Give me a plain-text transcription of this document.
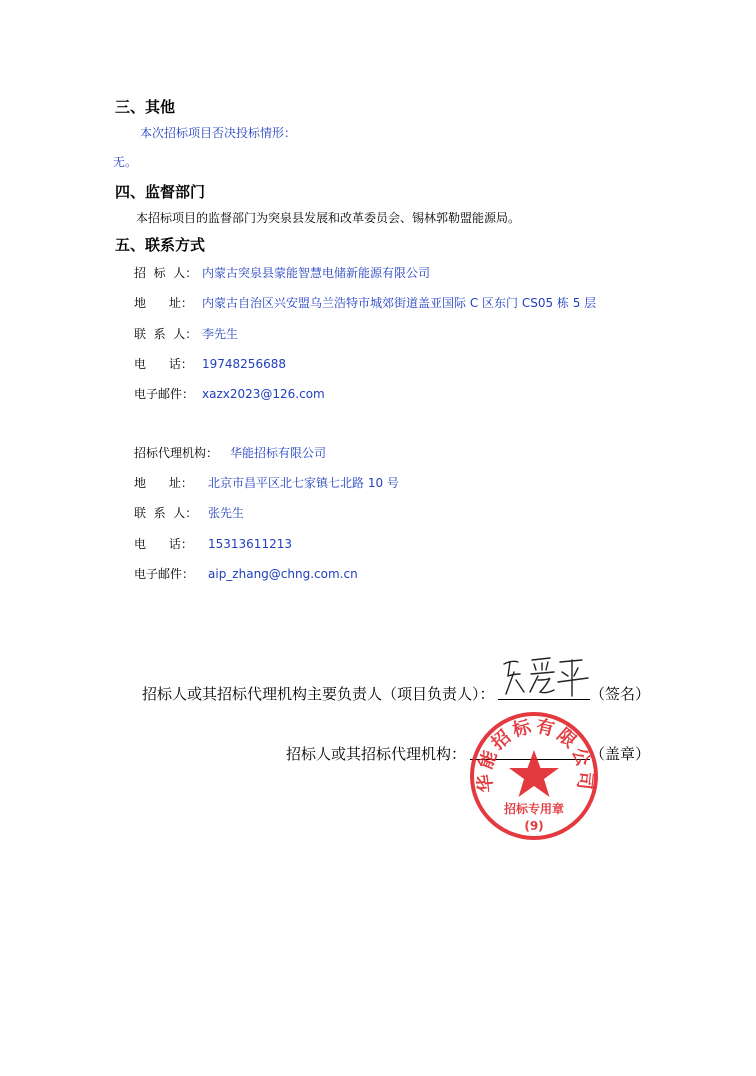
三、其他
本次招标项目否决投标情形：
无。
四、监督部门
本招标项目的监督部门为突泉县发展和改革委员会、锡林郭勒盟能源局。
五、联系方式
招  标  人： 内蒙古突泉县蒙能智慧电储新能源有限公司
地      址： 内蒙古自治区兴安盟乌兰浩特市城郊街道盖亚国际 C 区东门 CS05 栋 5 层
联  系  人： 李先生
电      话： 19748256688
电子邮件： xazx2023@126.com
招标代理机构： 华能招标有限公司
地      址： 北京市昌平区北七家镇七北路 10 号
联  系  人： 张先生
电      话： 15313611213
电子邮件： aip_zhang@chng.com.cn
招标人或其招标代理机构主要负责人（项目负责人）：	（签名）
招标人或其招标代理机构：	（盖章）
华能招标有限公司
招标专用章
(9)
